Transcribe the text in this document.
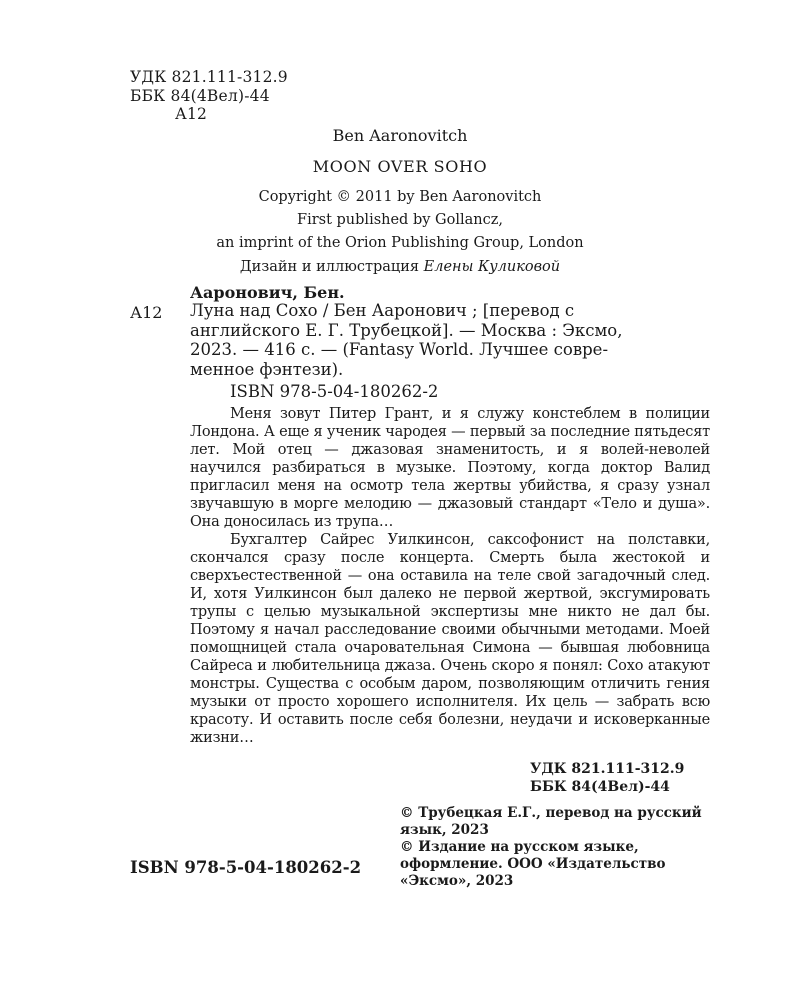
УДК 821.111-312.9
ББК 84(4Вел)-44
А12
Ben Aaronovitch
MOON OVER SOHO
Copyright © 2011 by Ben Aaronovitch
First published by Gollancz,
an imprint of the Orion Publishing Group, London
Дизайн и иллюстрация Елены Куликовой
Ааронович, Бен.
А12 Луна над Сохо / Бен Ааронович ; [перевод с
английского Е. Г. Трубецкой]. — Москва : Эксмо,
2023. — 416 с. — (Fantasy World. Лучшее совре-
менное фэнтези).
ISBN 978-5-04-180262-2

Меня зовут Питер Грант, и я служу констеблем в полиции Лондона. А еще я ученик чародея — первый за последние пятьдесят лет. Мой отец — джазовая знаменитость, и я волей-неволей научился разбираться в музыке. Поэтому, когда доктор Валид пригласил меня на осмотр тела жертвы убийства, я сразу узнал звучавшую в морге мелодию — джазовый стандарт «Тело и душа». Она доносилась из трупа…

Бухгалтер Сайрес Уилкинсон, саксофонист на полставки, скончался сразу после концерта. Смерть была жестокой и сверхъестественной — она оставила на теле свой загадочный след. И, хотя Уилкинсон был далеко не первой жертвой, эксгумировать трупы с целью музыкальной экспертизы мне никто не дал бы. Поэтому я начал расследование своими обычными методами. Моей помощницей стала очаровательная Симона — бывшая любовница Сайреса и любительница джаза. Очень скоро я понял: Сохо атакуют монстры. Существа с особым даром, позволяющим отличить гения музыки от просто хорошего исполнителя. Их цель — забрать всю красоту. И оставить после себя болезни, неудачи и исковерканные жизни…

УДК 821.111-312.9
ББК 84(4Вел)-44
© Трубецкая Е.Г., перевод на русский язык, 2023
© Издание на русском языке, оформление. ООО «Издательство «Эксмо», 2023
ISBN 978-5-04-180262-2
